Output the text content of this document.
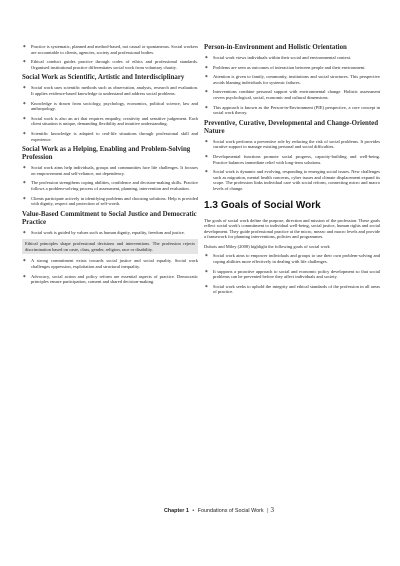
◆ Practice is systematic, planned and method-based, not casual or spontaneous. Social workers are accountable to clients, agencies, society and professional bodies.

◆ Ethical conduct guides practice through codes of ethics and professional standards. Organised institutional practice differentiates social work from voluntary charity.

Social Work as Scientific, Artistic and Interdisciplinary

◆ Social work uses scientific methods such as observation, analysis, research and evaluation. It applies evidence-based knowledge to understand and address social problems.

◆ Knowledge is drawn from sociology, psychology, economics, political science, law and anthropology.

◆ Social work is also an art that requires empathy, creativity and sensitive judgement. Each client situation is unique, demanding flexibility and intuitive understanding.

◆ Scientific knowledge is adapted to real-life situations through professional skill and experience.

Social Work as a Helping, Enabling and Problem-Solving Profession

◆ Social work aims help individuals, groups and communities face life challenges. It focuses on empowerment and self-reliance, not dependency.

◆ The profession strengthens coping abilities, confidence and decision-making skills. Practice follows a problem-solving process of assessment, planning, intervention and evaluation.

◆ Clients participate actively in identifying problems and choosing solutions. Help is provided with dignity, respect and protection of self-worth.

Value-Based Commitment to Social Justice and Democratic Practice

◆ Social work is guided by values such as human dignity, equality, freedom and justice.

Ethical principles shape professional decisions and interventions. The profession rejects discrimination based on caste, class, gender, religion, race or disability.

◆ A strong commitment exists towards social justice and social equality. Social work challenges oppression, exploitation and structural inequality.

◆ Advocacy, social action and policy reform are essential aspects of practice. Democratic principles ensure participation, consent and shared decision-making.

Person-in-Environment and Holistic Orientation

◆ Social work views individuals within their social and environmental context.

◆ Problems are seen as outcomes of interaction between people and their environment.

◆ Attention is given to family, community, institutions and social structures. This perspective avoids blaming individuals for systemic failures.

◆ Interventions combine personal support with environmental change. Holistic assessment covers psychological, social, economic and cultural dimensions.

◆ This approach is known as the Person-in-Environment (PIE) perspective, a core concept in social work theory.

Preventive, Curative, Developmental and Change-Oriented Nature

◆ Social work performs a preventive role by reducing the risk of social problems. It provides curative support to manage existing personal and social difficulties.

◆ Developmental functions promote social progress, capacity-building and well-being. Practice balances immediate relief with long-term solutions.

◆ Social work is dynamic and evolving, responding to emerging social issues. New challenges such as migration, mental health concerns, cyber issues and climate displacement expand its scope. The profession links individual care with social reform, connecting micro and macro levels of change.

1.3 Goals of Social Work

The goals of social work define the purpose, direction and mission of the profession. These goals reflect social work's commitment to individual well-being, social justice, human rights and social development. They guide professional practice at the micro, mezzo and macro levels and provide a framework for planning interventions, policies and programmes.

Dubois and Miley (2008) highlight the following goals of social work

◆ Social work aims to empower individuals and groups to use their own problem-solving and coping abilities more effectively in dealing with life challenges.

◆ It supports a proactive approach to social and economic policy development so that social problems can be prevented before they affect individuals and society.

◆ Social work seeks to uphold the integrity and ethical standards of the profession in all areas of practice.

Chapter 1 • Foundations of Social Work | 3
